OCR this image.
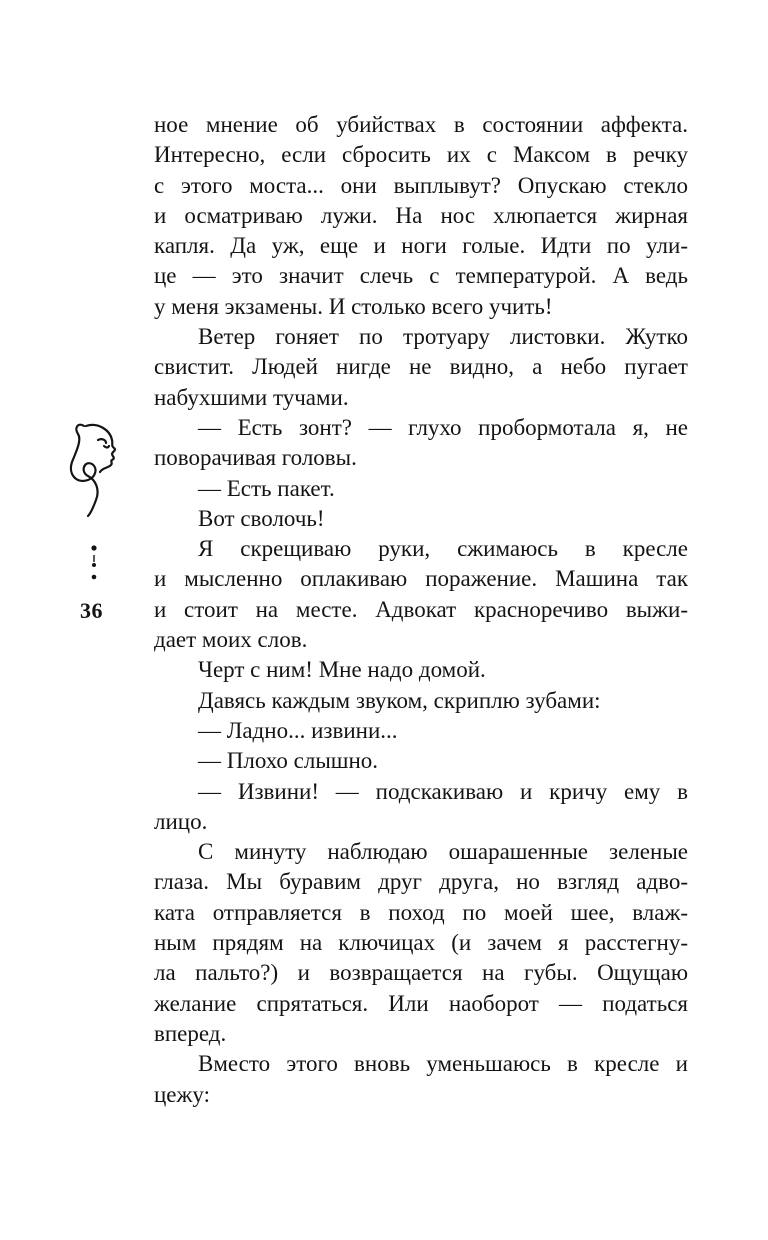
36
ное мнение об убийствах в состоянии аффекта.
Интересно, если сбросить их с Максом в речку
с этого моста... они выплывут? Опускаю стекло
и осматриваю лужи. На нос хлюпается жирная
капля. Да уж, еще и ноги голые. Идти по ули-
це — это значит слечь с температурой. А ведь
у меня экзамены. И столько всего учить!
Ветер гоняет по тротуару листовки. Жутко
свистит. Людей нигде не видно, а небо пугает
набухшими тучами.
— Есть зонт? — глухо пробормотала я, не
поворачивая головы.
— Есть пакет.
Вот сволочь!
Я скрещиваю руки, сжимаюсь в кресле
и мысленно оплакиваю поражение. Машина так
и стоит на месте. Адвокат красноречиво выжи-
дает моих слов.
Черт с ним! Мне надо домой.
Давясь каждым звуком, скриплю зубами:
— Ладно... извини...
— Плохо слышно.
— Извини! — подскакиваю и кричу ему в
лицо.
С минуту наблюдаю ошарашенные зеленые
глаза. Мы буравим друг друга, но взгляд адво-
ката отправляется в поход по моей шее, влаж-
ным прядям на ключицах (и зачем я расстегну-
ла пальто?) и возвращается на губы. Ощущаю
желание спрятаться. Или наоборот — податься
вперед.
Вместо этого вновь уменьшаюсь в кресле и
цежу:
